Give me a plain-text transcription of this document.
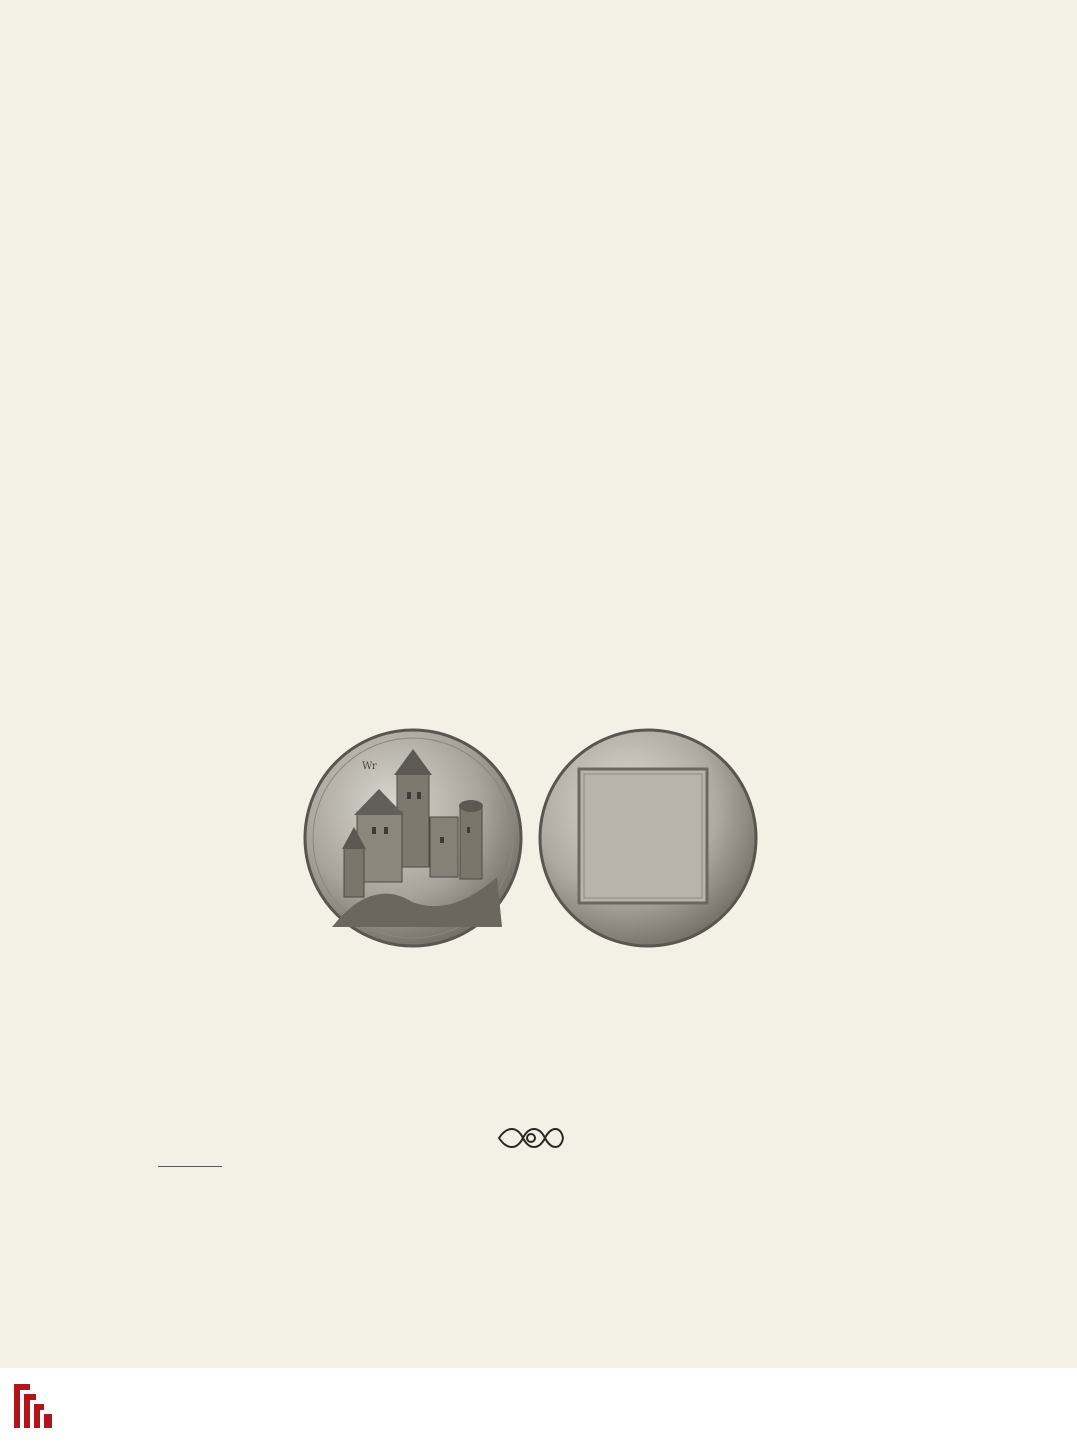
Wr
